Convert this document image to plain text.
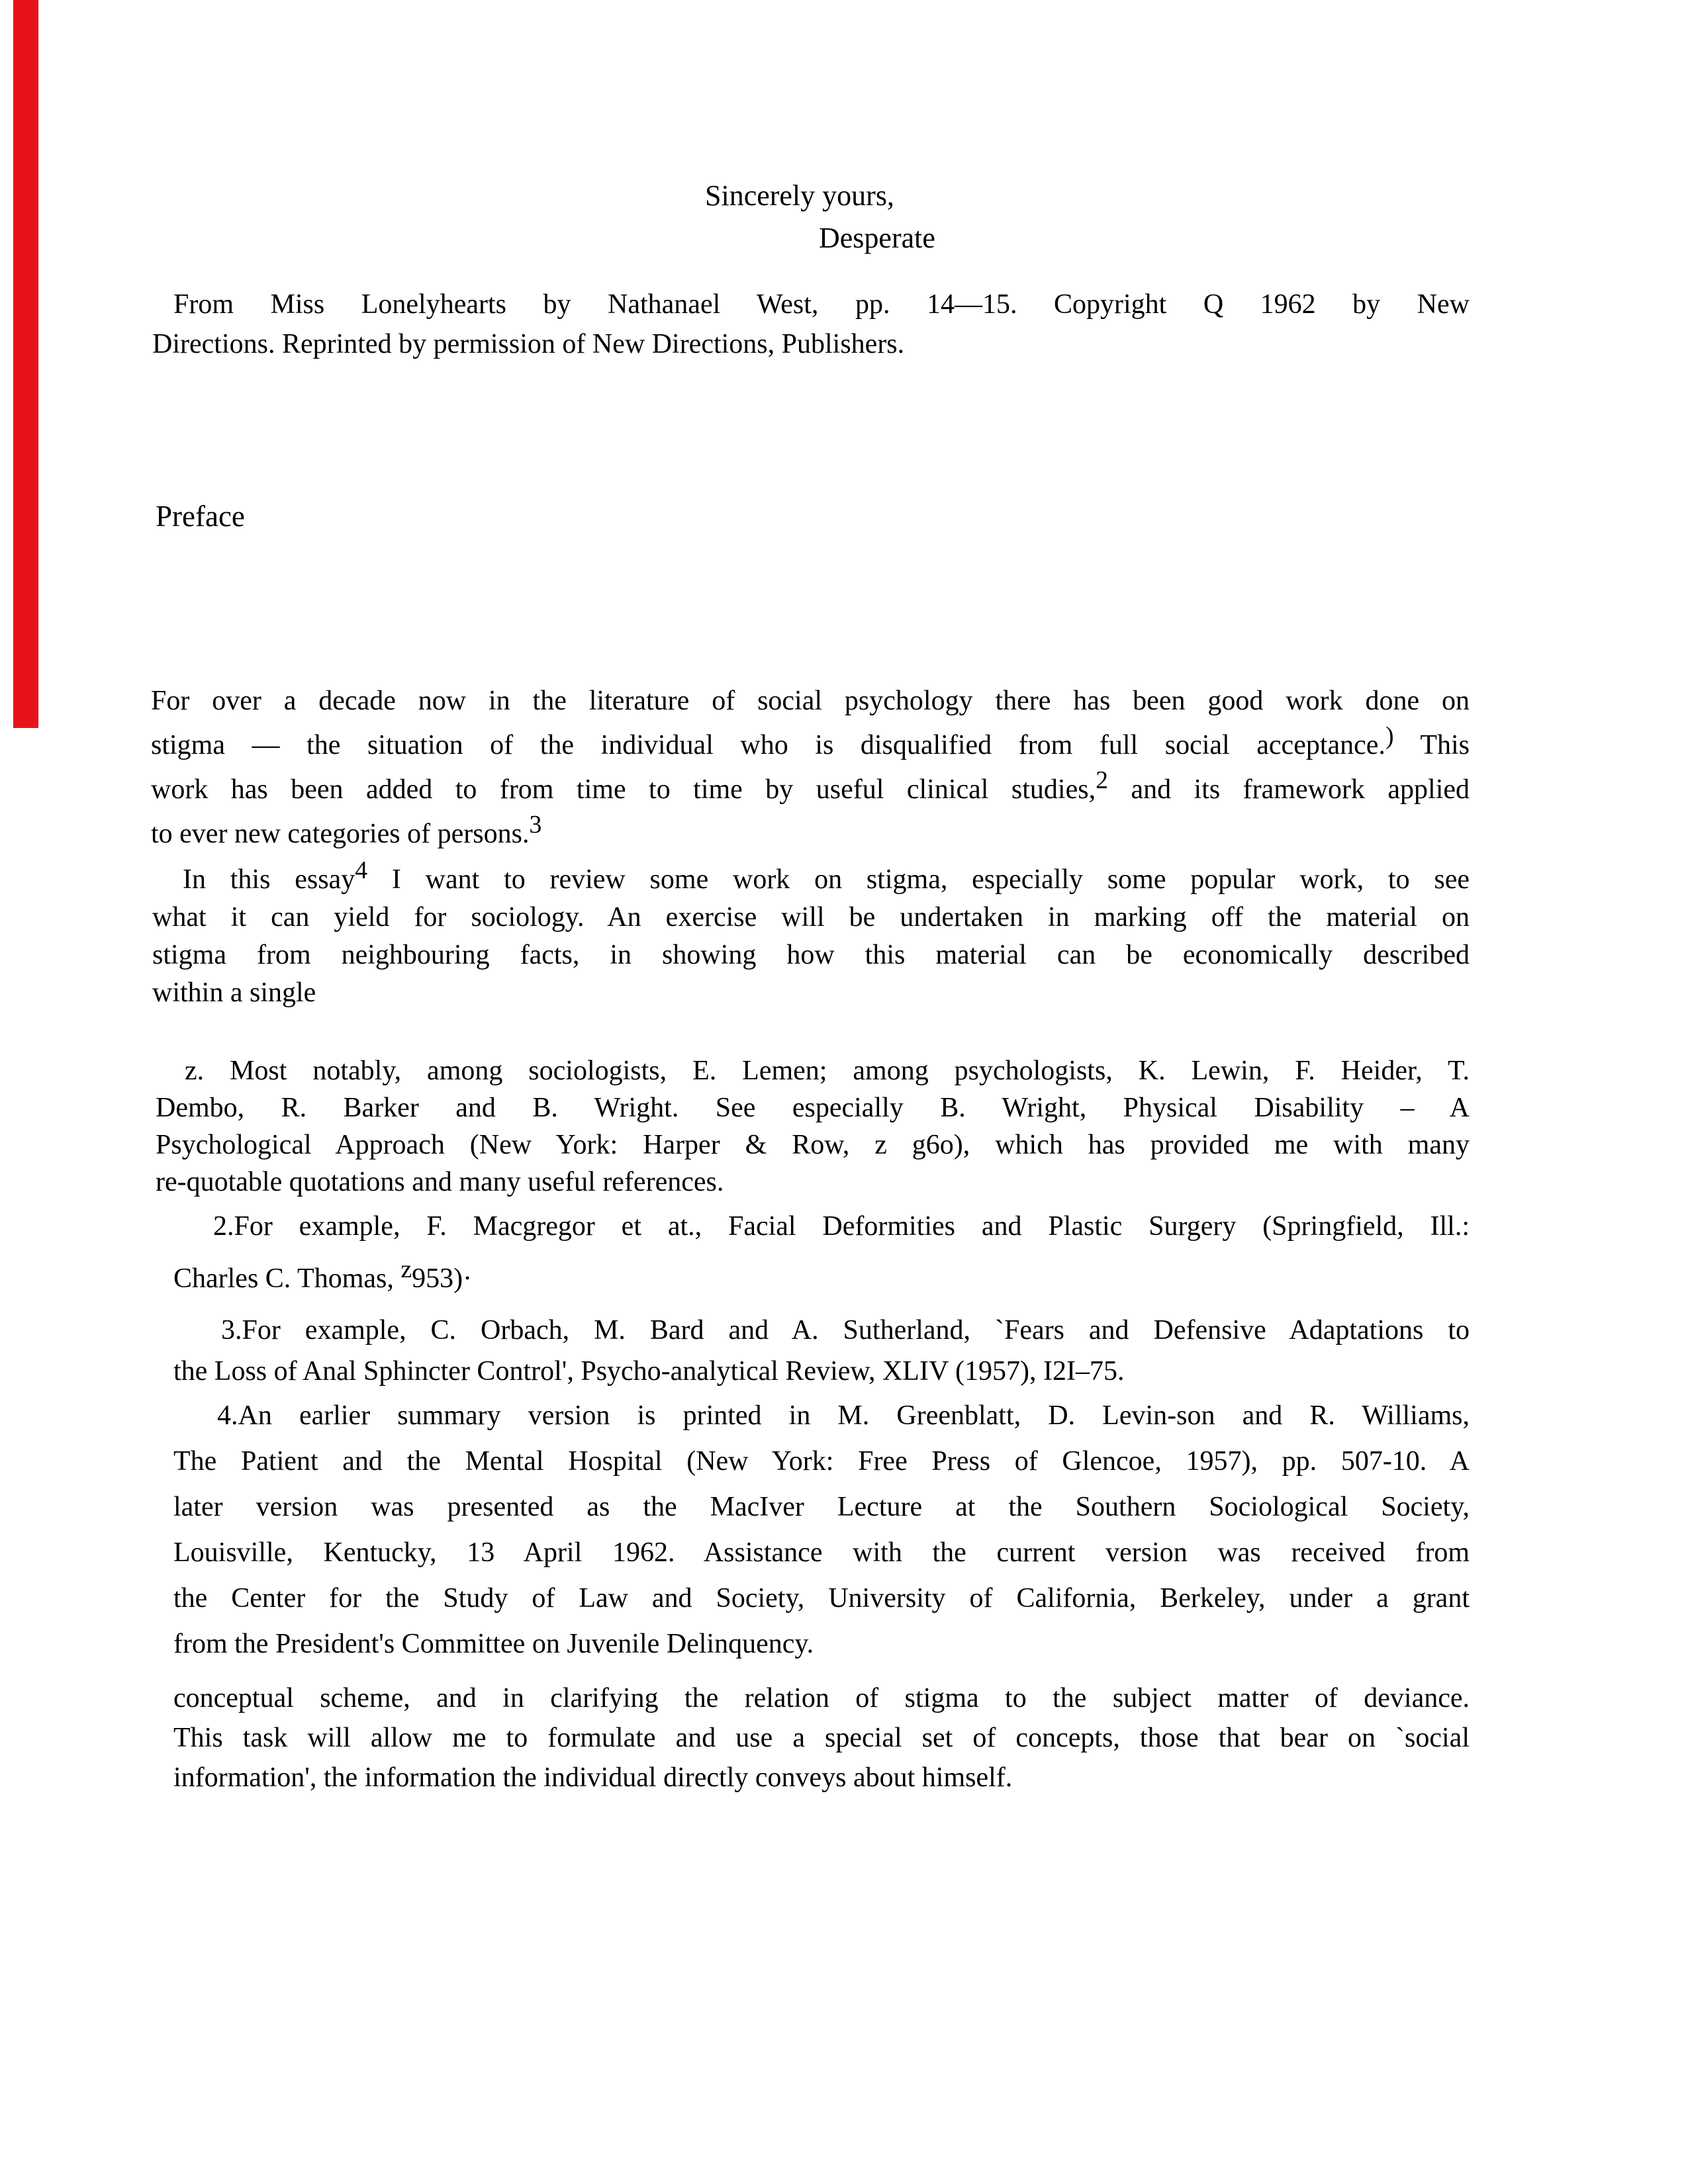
Sincerely yours,
Desperate
From Miss Lonelyhearts by Nathanael West, pp. 14—15. Copyright Q 1962 by New
Directions. Reprinted by permission of New Directions, Publishers.
Preface
For over a decade now in the literature of social psychology there has been good work done on
stigma — the situation of the individual who is disqualified from full social acceptance.) This
work has been added to from time to time by useful clinical studies,2 and its framework applied
to ever new categories of persons.3
In this essay4 I want to review some work on stigma, especially some popular work, to see
what it can yield for sociology. An exercise will be undertaken in marking off the material on
stigma from neighbouring facts, in showing how this material can be economically described
within a single
z. Most notably, among sociologists, E. Lemen; among psychologists, K. Lewin, F. Heider, T.
Dembo, R. Barker and B. Wright. See especially B. Wright, Physical Disability – A
Psychological Approach (New York: Harper & Row, z g6o), which has provided me with many
re-quotable quotations and many useful references.
2.For example, F. Macgregor et at., Facial Deformities and Plastic Surgery (Springfield, Ill.:
Charles C. Thomas, z953)·
3.For example, C. Orbach, M. Bard and A. Sutherland, `Fears and Defensive Adaptations to
the Loss of Anal Sphincter Control', Psycho-analytical Review, XLIV (1957), I2I–75.
4.An earlier summary version is printed in M. Greenblatt, D. Levin-son and R. Williams,
The Patient and the Mental Hospital (New York: Free Press of Glencoe, 1957), pp. 507-10. A
later version was presented as the MacIver Lecture at the Southern Sociological Society,
Louisville, Kentucky, 13 April 1962. Assistance with the current version was received from
the Center for the Study of Law and Society, University of California, Berkeley, under a grant
from the President's Committee on Juvenile Delinquency.
conceptual scheme, and in clarifying the relation of stigma to the subject matter of deviance.
This task will allow me to formulate and use a special set of concepts, those that bear on `social
information', the information the individual directly conveys about himself.
